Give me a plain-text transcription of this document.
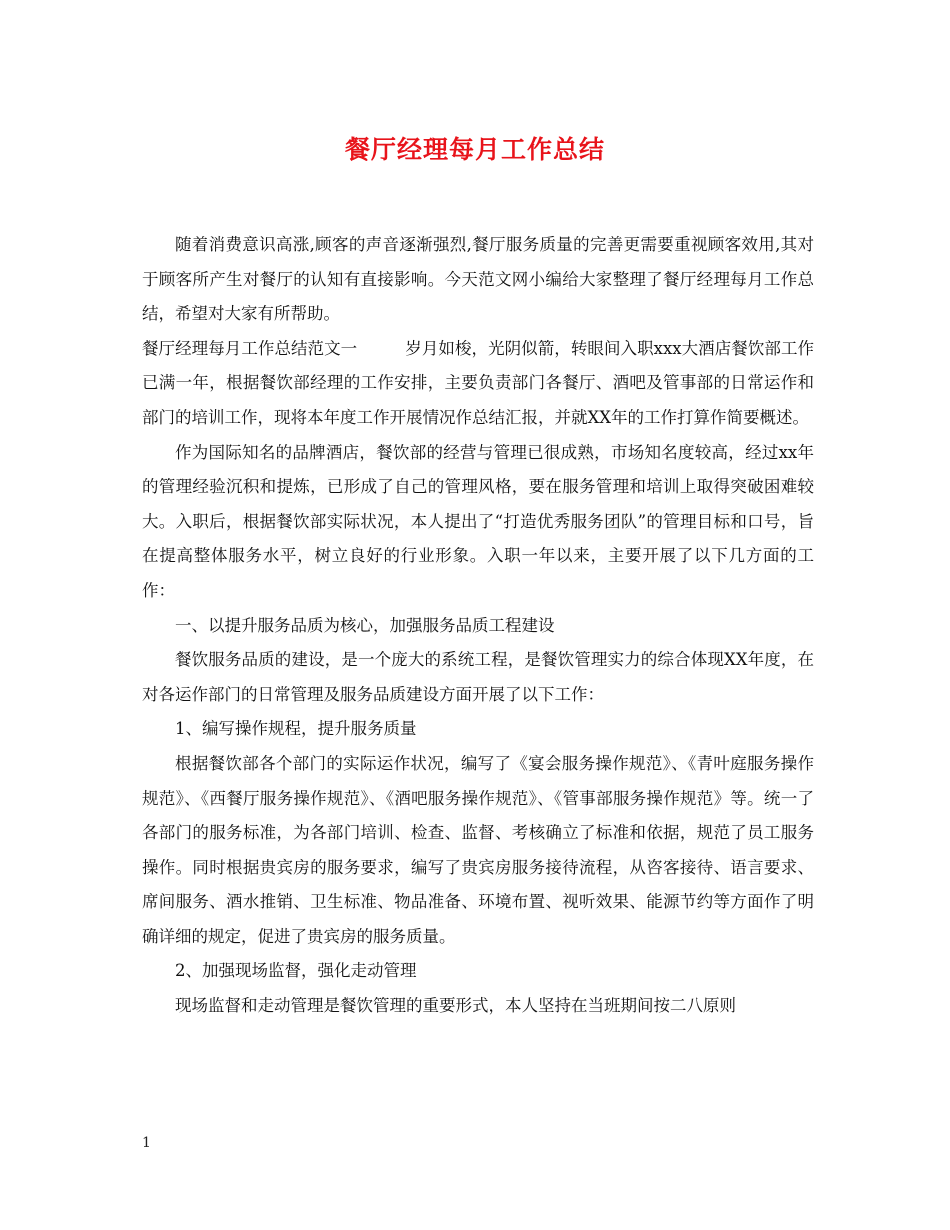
餐厅经理每月工作总结

随着消费意识高涨,顾客的声音逐渐强烈,餐厅服务质量的完善更需要重视顾客效用,其对于顾客所产生对餐厅的认知有直接影响。今天范文网小编给大家整理了餐厅经理每月工作总结，希望对大家有所帮助。

餐厅经理每月工作总结范文一	岁月如梭，光阴似箭，转眼间入职xxx大酒店餐饮部工作已满一年，根据餐饮部经理的工作安排，主要负责部门各餐厅、酒吧及管事部的日常运作和部门的培训工作，现将本年度工作开展情况作总结汇报，并就XX年的工作打算作简要概述。

作为国际知名的品牌酒店，餐饮部的经营与管理已很成熟，市场知名度较高，经过xx年的管理经验沉积和提炼，已形成了自己的管理风格，要在服务管理和培训上取得突破困难较大。入职后，根据餐饮部实际状况，本人提出了“打造优秀服务团队”的管理目标和口号，旨在提高整体服务水平，树立良好的行业形象。入职一年以来，主要开展了以下几方面的工作：

一、以提升服务品质为核心，加强服务品质工程建设

餐饮服务品质的建设，是一个庞大的系统工程，是餐饮管理实力的综合体现XX年度，在对各运作部门的日常管理及服务品质建设方面开展了以下工作：

1、编写操作规程，提升服务质量

根据餐饮部各个部门的实际运作状况，编写了《宴会服务操作规范》、《青叶庭服务操作规范》、《西餐厅服务操作规范》、《酒吧服务操作规范》、《管事部服务操作规范》等。统一了各部门的服务标准，为各部门培训、检查、监督、考核确立了标准和依据，规范了员工服务操作。同时根据贵宾房的服务要求，编写了贵宾房服务接待流程，从咨客接待、语言要求、席间服务、酒水推销、卫生标准、物品准备、环境布置、视听效果、能源节约等方面作了明确详细的规定，促进了贵宾房的服务质量。

2、加强现场监督，强化走动管理

现场监督和走动管理是餐饮管理的重要形式，本人坚持在当班期间按二八原则

1
